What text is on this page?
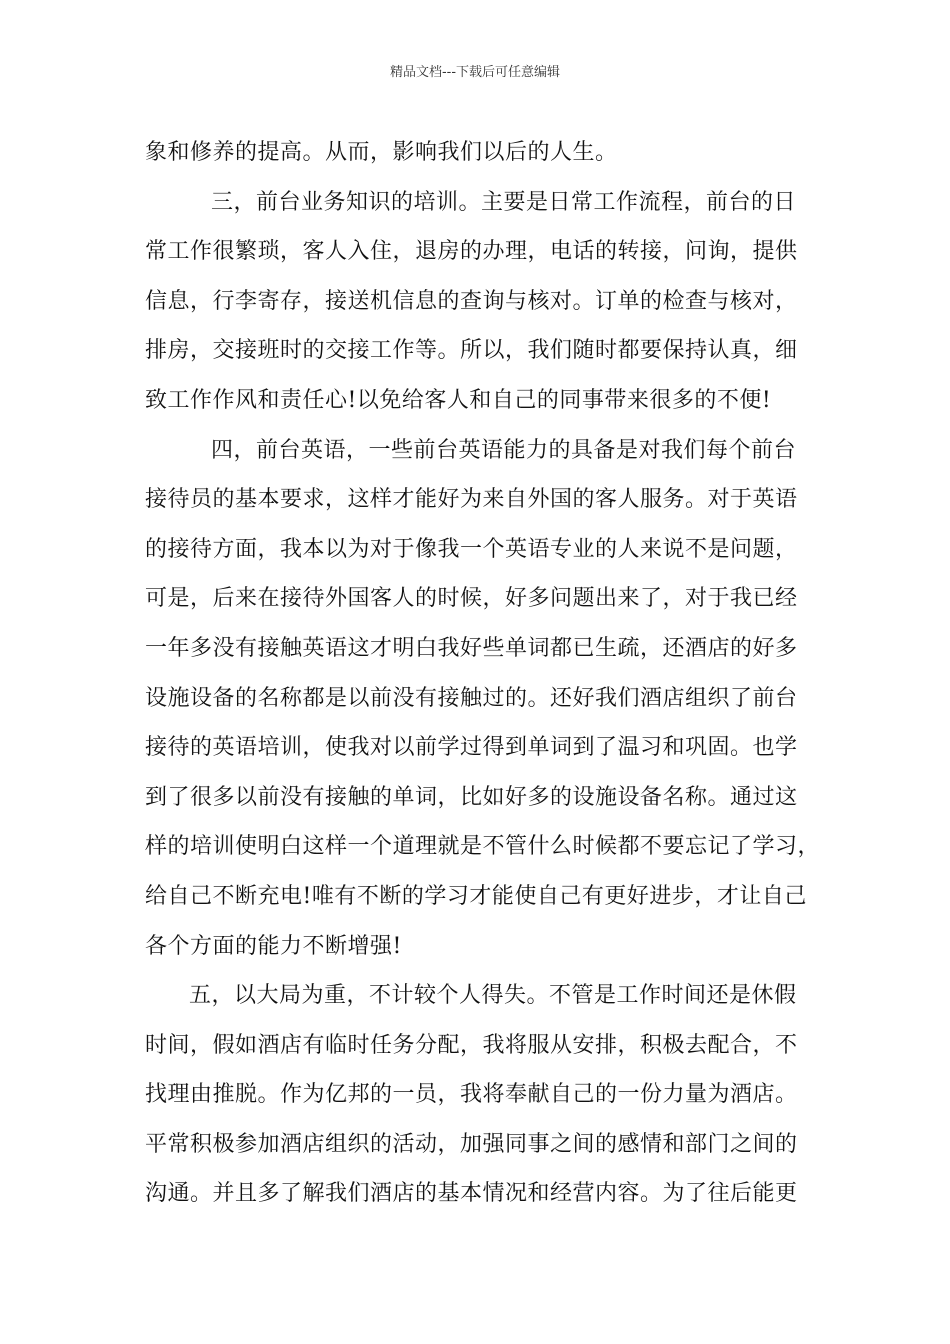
精品文档---下载后可任意编辑
象和修养的提高。从而，影响我们以后的人生。
三，前台业务知识的培训。主要是日常工作流程，前台的日
常工作很繁琐，客人入住，退房的办理，电话的转接，问询，提供
信息，行李寄存，接送机信息的查询与核对。订单的检查与核对，
排房，交接班时的交接工作等。所以，我们随时都要保持认真，细
致工作作风和责任心!以免给客人和自己的同事带来很多的不便!
四，前台英语，一些前台英语能力的具备是对我们每个前台
接待员的基本要求，这样才能好为来自外国的客人服务。对于英语
的接待方面，我本以为对于像我一个英语专业的人来说不是问题，
可是，后来在接待外国客人的时候，好多问题出来了，对于我已经
一年多没有接触英语这才明白我好些单词都已生疏，还酒店的好多
设施设备的名称都是以前没有接触过的。还好我们酒店组织了前台
接待的英语培训，使我对以前学过得到单词到了温习和巩固。也学
到了很多以前没有接触的单词，比如好多的设施设备名称。通过这
样的培训使明白这样一个道理就是不管什么时候都不要忘记了学习，
给自己不断充电!唯有不断的学习才能使自己有更好进步，才让自己
各个方面的能力不断增强!
五，以大局为重，不计较个人得失。不管是工作时间还是休假
时间，假如酒店有临时任务分配，我将服从安排，积极去配合，不
找理由推脱。作为亿邦的一员，我将奉献自己的一份力量为酒店。
平常积极参加酒店组织的活动，加强同事之间的感情和部门之间的
沟通。并且多了解我们酒店的基本情况和经营内容。为了往后能更
